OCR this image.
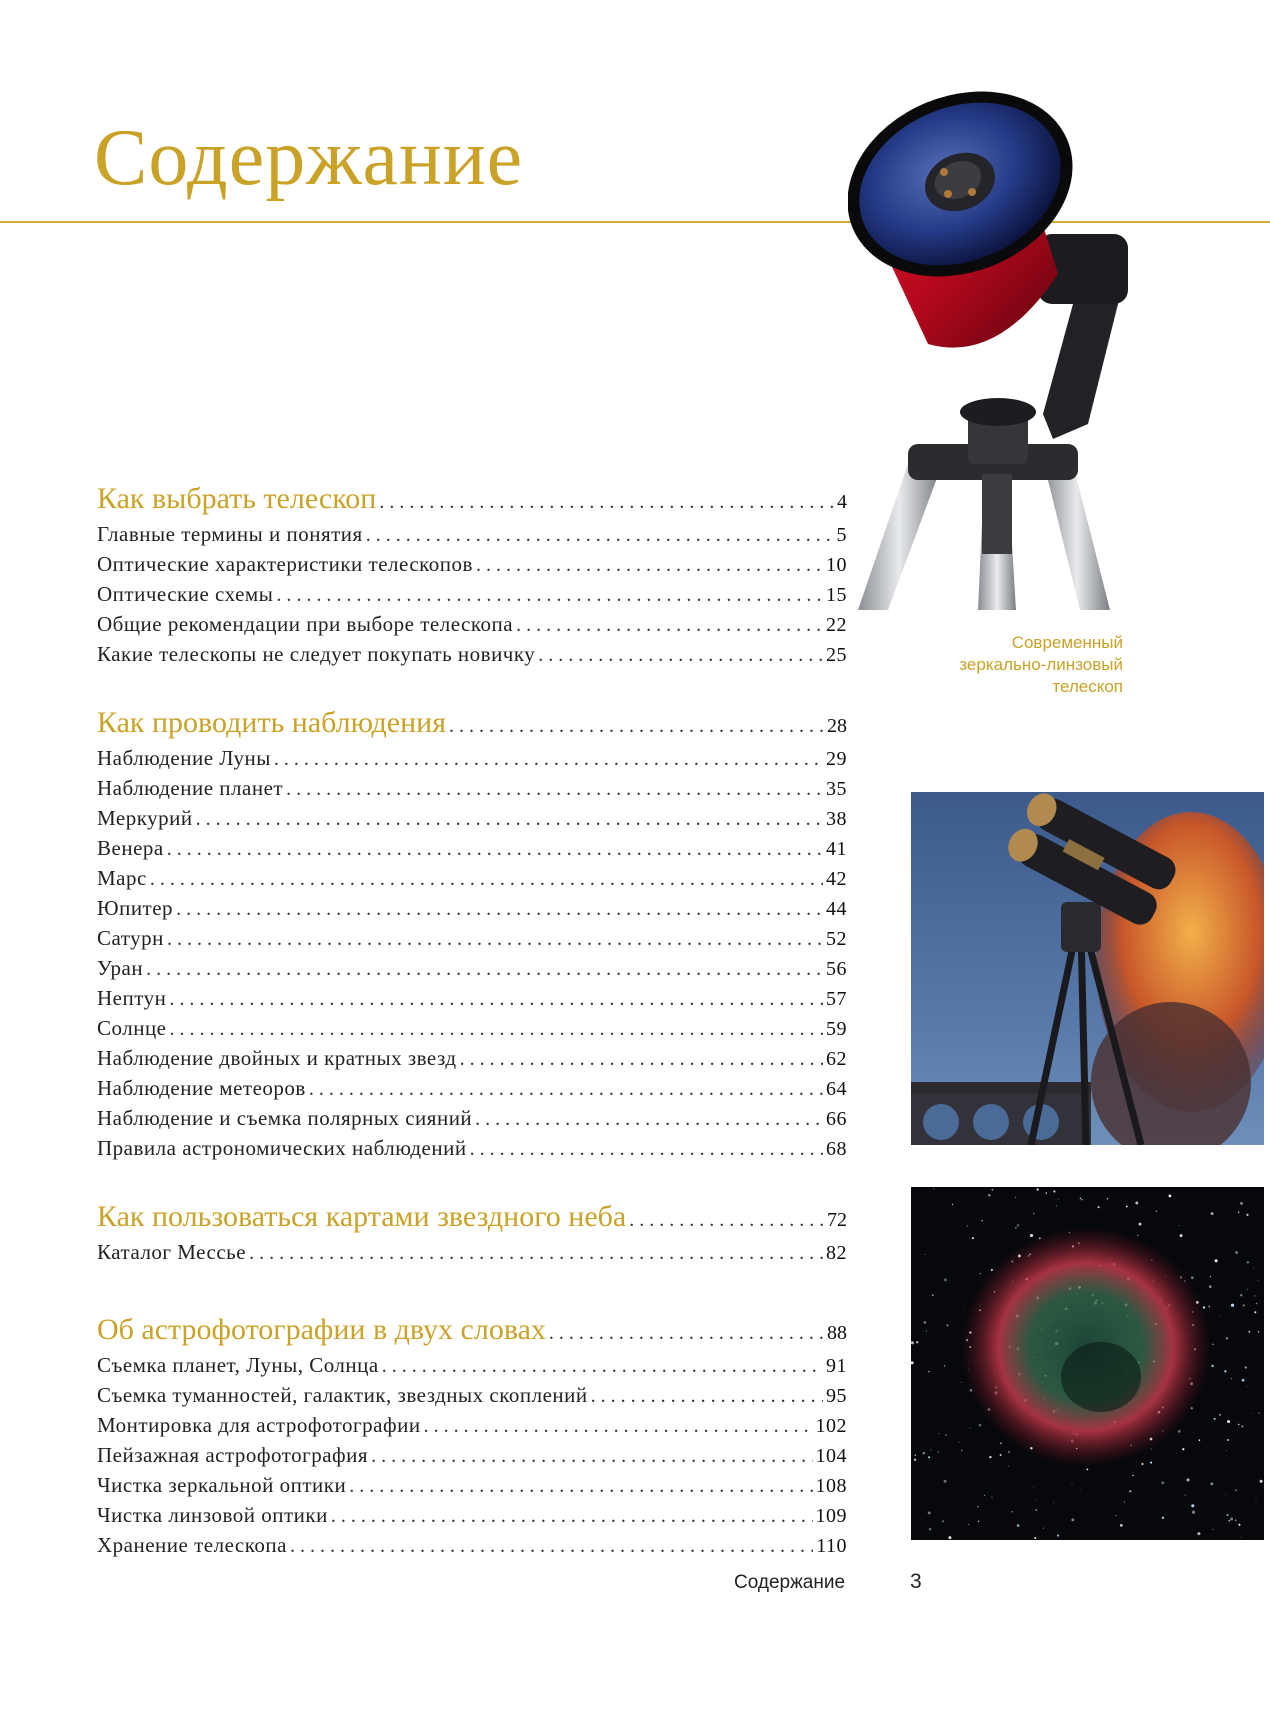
Содержание
Как выбрать телескоп . . .	4
Главные термины и понятия . . .	5
Оптические характеристики телескопов . . .	10
Оптические схемы . . .	15
Общие рекомендации при выборе телескопа . . .	22
Какие телескопы не следует покупать новичку . . .	25
Как проводить наблюдения . . .	28
Наблюдение Луны . . .	29
Наблюдение планет . . .	35
Меркурий . . .	38
Венера . . .	41
Марс . . .	42
Юпитер . . .	44
Сатурн . . .	52
Уран . . .	56
Нептун . . .	57
Солнце . . .	59
Наблюдение двойных и кратных звезд . . .	62
Наблюдение метеоров . . .	64
Наблюдение и съемка полярных сияний . . .	66
Правила астрономических наблюдений . . .	68
Как пользоваться картами звездного неба . . .	72
Каталог Мессье . . .	82
Об астрофотографии в двух словах . . .	88
Съемка планет, Луны, Солнца . . .	91
Съемка туманностей, галактик, звездных скоплений . . .	95
Монтировка для астрофотографии . . .	102
Пейзажная астрофотография . . .	104
Чистка зеркальной оптики . . .	108
Чистка линзовой оптики . . .	109
Хранение телескопа . . .	110
Современный
зеркально-линзовый
телескоп
Содержание	3
